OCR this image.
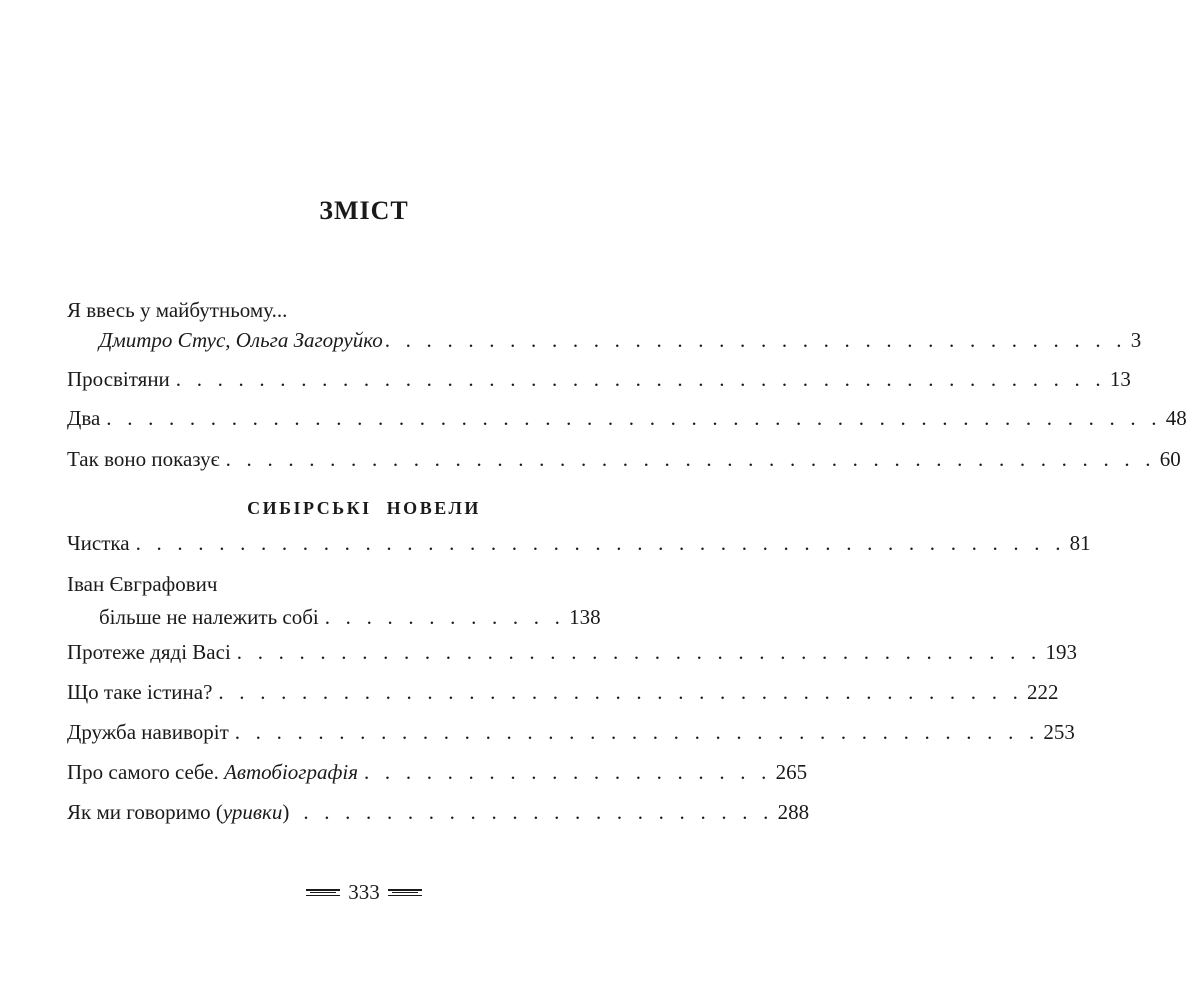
ЗМІСТ
Я ввесь у майбутньому...
Дмитро Стус, Ольга Загоруйко . . . . . . . . . . . . . . . . . . . . . . . . . . . . . . . . . . . . 3
Просвітяни . . . . . . . . . . . . . . . . . . . . . . . . . . . . . . . . . . . . . . . . . . . . . 13
Два . . . . . . . . . . . . . . . . . . . . . . . . . . . . . . . . . . . . . . . . . . . . . . . . . . . 48
Так воно показує . . . . . . . . . . . . . . . . . . . . . . . . . . . . . . . . . . . . . . . . . . . . . 60
СИБІРСЬКІ НОВЕЛИ
Чистка . . . . . . . . . . . . . . . . . . . . . . . . . . . . . . . . . . . . . . . . . . . . . 81
Іван Євграфович
більше не належить собі . . . . . . . . . . . . 138
Протеже дяді Васі . . . . . . . . . . . . . . . . . . . . . . . . . . . . . . . . . . . . . . . 193
Що таке істина? . . . . . . . . . . . . . . . . . . . . . . . . . . . . . . . . . . . . . . . 222
Дружба навиворіт . . . . . . . . . . . . . . . . . . . . . . . . . . . . . . . . . . . . . . . 253
Про самого себе.
Автобіографія . . . . . . . . . . . . . . . . . . . . 265
Як ми говоримо ( уривки ) . . . . . . . . . . . . . . . . . . . . . . . 288
333
